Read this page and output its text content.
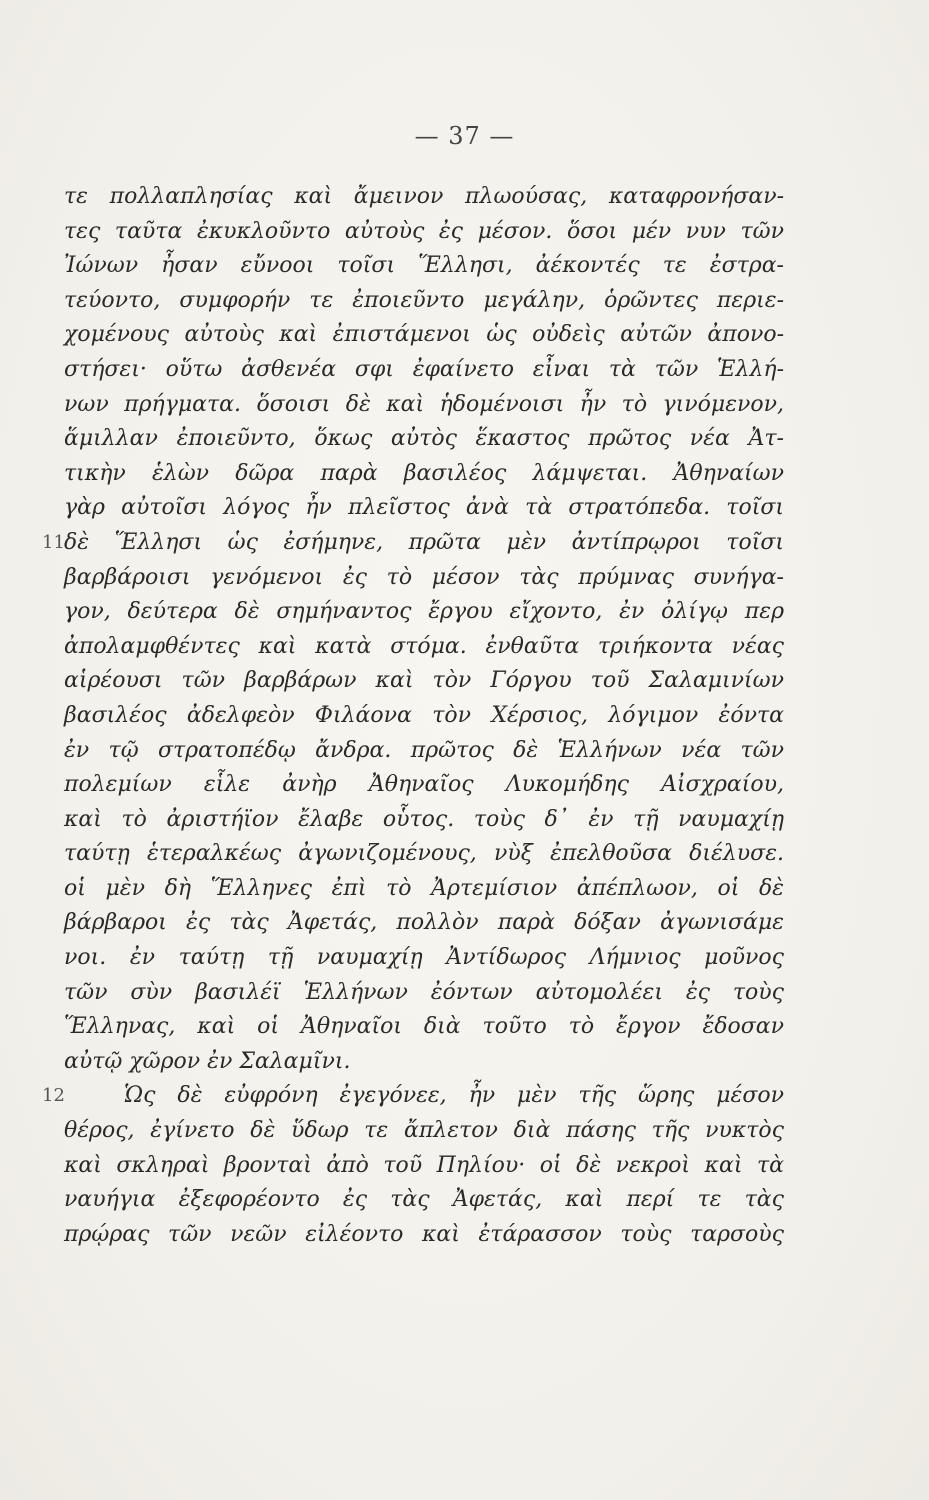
— 37 —
τε πολλαπλησίας καὶ ἄμεινον πλωούσας, καταφρονήσαν-
τες ταῦτα ἐκυκλοῦντο αὐτοὺς ἐς μέσον. ὅσοι μέν νυν τῶν
Ἰώνων ἦσαν εὔνοοι τοῖσι Ἕλλησι, ἀέκοντές τε ἐστρα-
τεύοντο, συμφορήν τε ἐποιεῦντο μεγάλην, ὁρῶντες περιε-
χομένους αὐτοὺς καὶ ἐπιστάμενοι ὡς οὐδεὶς αὐτῶν ἀπονο-
στήσει· οὕτω ἀσθενέα σφι ἐφαίνετο εἶναι τὰ τῶν Ἑλλή-
νων πρήγματα. ὅσοισι δὲ καὶ ἡδομένοισι ἦν τὸ γινόμενον,
ἅμιλλαν ἐποιεῦντο, ὅκως αὐτὸς ἕκαστος πρῶτος νέα Ἀτ-
τικὴν ἑλὼν δῶρα παρὰ βασιλέος λάμψεται. Ἀθηναίων
γὰρ αὐτοῖσι λόγος ἦν πλεῖστος ἀνὰ τὰ στρατόπεδα. τοῖσι
11 δὲ Ἕλλησι ὡς ἐσήμηνε, πρῶτα μὲν ἀντίπρῳροι τοῖσι
βαρβάροισι γενόμενοι ἐς τὸ μέσον τὰς πρύμνας συνήγα-
γον, δεύτερα δὲ σημήναντος ἔργου εἴχοντο, ἐν ὀλίγῳ περ
ἀπολαμφθέντες καὶ κατὰ στόμα. ἐνθαῦτα τριήκοντα νέας
αἱρέουσι τῶν βαρβάρων καὶ τὸν Γόργου τοῦ Σαλαμινίων
βασιλέος ἀδελφεὸν Φιλάονα τὸν Χέρσιος, λόγιμον ἐόντα
ἐν τῷ στρατοπέδῳ ἄνδρα. πρῶτος δὲ Ἑλλήνων νέα τῶν
πολεμίων εἷλε ἀνὴρ Ἀθηναῖος Λυκομήδης Αἰσχραίου,
καὶ τὸ ἀριστήϊον ἔλαβε οὗτος. τοὺς δ᾽ ἐν τῇ ναυμαχίῃ
ταύτῃ ἑτεραλκέως ἀγωνιζομένους, νὺξ ἐπελθοῦσα διέλυσε.
οἱ μὲν δὴ Ἕλληνες ἐπὶ τὸ Ἀρτεμίσιον ἀπέπλωον, οἱ δὲ
βάρβαροι ἐς τὰς Ἀφετάς, πολλὸν παρὰ δόξαν ἀγωνισάμε
νοι. ἐν ταύτῃ τῇ ναυμαχίῃ Ἀντίδωρος Λήμνιος μοῦνος
τῶν σὺν βασιλέϊ Ἑλλήνων ἐόντων αὐτομολέει ἐς τοὺς
Ἕλληνας, καὶ οἱ Ἀθηναῖοι διὰ τοῦτο τὸ ἔργον ἔδοσαν
αὐτῷ χῶρον ἐν Σαλαμῖνι.
12	Ὡς δὲ εὐφρόνη ἐγεγόνεε, ἦν μὲν τῆς ὥρης μέσον
θέρος, ἐγίνετο δὲ ὕδωρ τε ἄπλετον διὰ πάσης τῆς νυκτὸς
καὶ σκληραὶ βρονταὶ ἀπὸ τοῦ Πηλίου· οἱ δὲ νεκροὶ καὶ τὰ
ναυήγια ἐξεφορέοντο ἐς τὰς Ἀφετάς, καὶ περί τε τὰς
πρῴρας τῶν νεῶν εἰλέοντο καὶ ἐτάρασσον τοὺς ταρσοὺς
